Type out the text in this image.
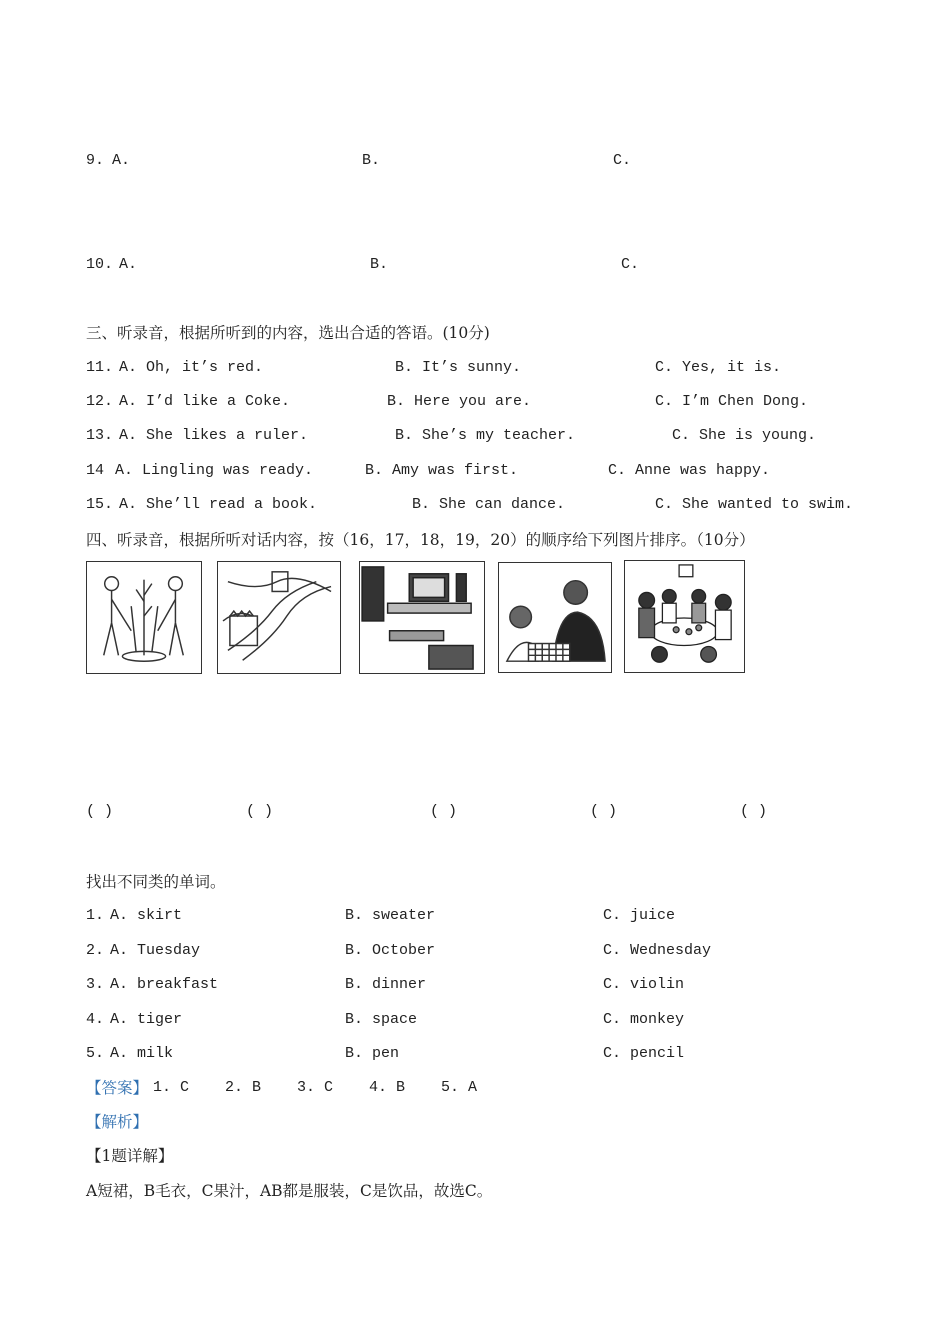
9. A.	B.	C.
10. A.	B.	C.
三、听录音，根据所听到的内容，选出合适的答语。(10分)
11. A. Oh, it’s red.	B. It’s sunny.	C. Yes, it is.
12. A. I’d like a Coke.	B. Here you are.	C. I’m Chen Dong.
13. A. She likes a ruler.	B. She’s my teacher.	C. She is young.
14 A. Lingling was ready.	B. Amy was first.	C. Anne was happy.
15. A. She’ll read a book.	B. She can dance.	C. She wanted to swim.
四、听录音，根据所听对话内容，按（16，17，18，19，20）的顺序给下列图片排序。（10分）
( )	( )	( )	( )	( )
找出不同类的单词。
1. A. skirt	B. sweater	C. juice
2. A. Tuesday	B. October	C. Wednesday
3. A. breakfast	B. dinner	C. violin
4. A. tiger	B. space	C. monkey
5. A. milk	B. pen	C. pencil
【答案】 1. C    2. B    3. C    4. B    5. A
【解析】
【1题详解】
A短裙，B毛衣，C果汁，AB都是服装，C是饮品，故选C。
